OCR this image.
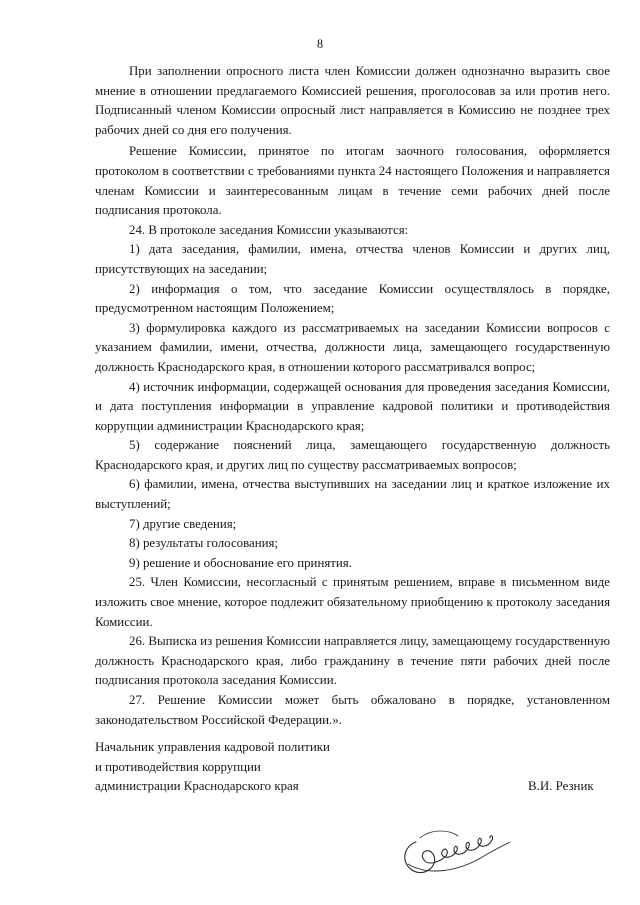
8

При заполнении опросного листа член Комиссии должен однозначно выразить свое мнение в отношении предлагаемого Комиссией решения, проголосовав за или против него. Подписанный членом Комиссии опросный лист направляется в Комиссию не позднее трех рабочих дней со дня его получения.

Решение Комиссии, принятое по итогам заочного голосования, оформляется протоколом в соответствии с требованиями пункта 24 настоящего Положения и направляется членам Комиссии и заинтересованным лицам в течение семи рабочих дней после подписания протокола.

24. В протоколе заседания Комиссии указываются:

1) дата заседания, фамилии, имена, отчества членов Комиссии и других лиц, присутствующих на заседании;

2) информация о том, что заседание Комиссии осуществлялось в порядке, предусмотренном настоящим Положением;

3) формулировка каждого из рассматриваемых на заседании Комиссии вопросов с указанием фамилии, имени, отчества, должности лица, замещающего государственную должность Краснодарского края, в отношении которого рассматривался вопрос;

4) источник информации, содержащей основания для проведения заседания Комиссии, и дата поступления информации в управление кадровой политики и противодействия коррупции администрации Краснодарского края;

5) содержание пояснений лица, замещающего государственную должность Краснодарского края, и других лиц по существу рассматриваемых вопросов;

6) фамилии, имена, отчества выступивших на заседании лиц и краткое изложение их выступлений;

7) другие сведения;

8) результаты голосования;

9) решение и обоснование его принятия.

25. Член Комиссии, несогласный с принятым решением, вправе в письменном виде изложить свое мнение, которое подлежит обязательному приобщению к протоколу заседания Комиссии.

26. Выписка из решения Комиссии направляется лицу, замещающему государственную должность Краснодарского края, либо гражданину в течение пяти рабочих дней после подписания протокола заседания Комиссии.

27. Решение Комиссии может быть обжаловано в порядке, установленном законодательством Российской Федерации.».

Начальник управления кадровой политики
и противодействия коррупции
администрации Краснодарского края	В.И. Резник
